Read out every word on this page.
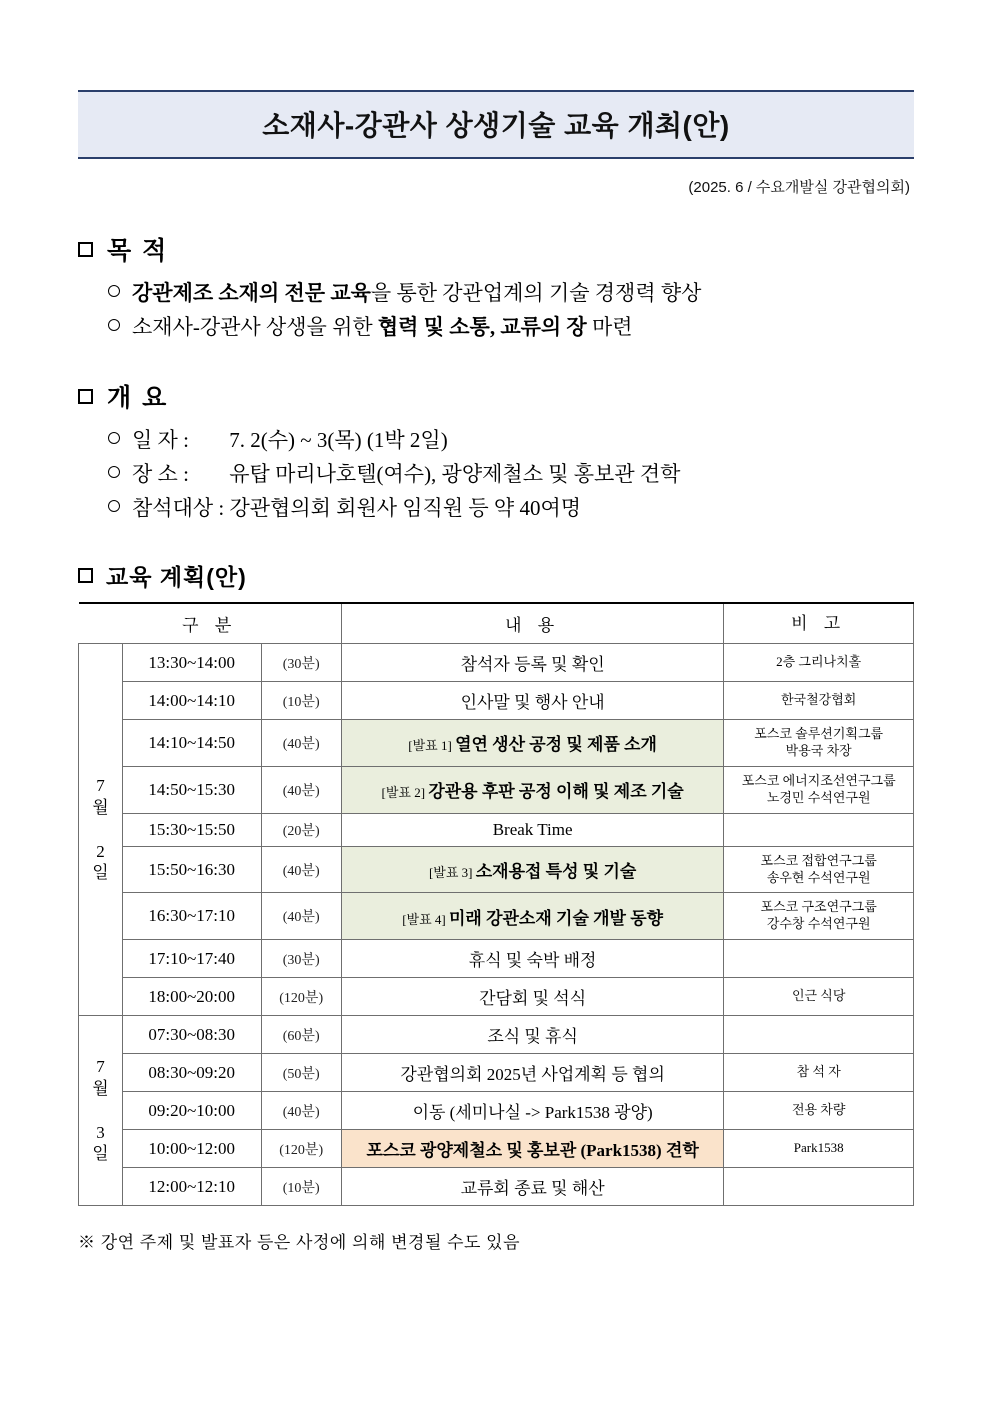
소재사-강관사 상생기술 교육 개최(안)
(2025. 6 / 수요개발실 강관협의회)
목 적
강관제조 소재의 전문 교육을 통한 강관업계의 기술 경쟁력 향상
소재사-강관사 상생을 위한 협력 및 소통, 교류의 장 마련
개 요
일 자 : 7. 2(수) ~ 3(목) (1박 2일)
장 소 : 유탑 마리나호텔(여수), 광양제철소 및 홍보관 견학
참석대상 : 강관협의회 회원사 임직원 등 약 40여명
교육 계획(안)
구 분			내 용	비 고
7
월

2
일	13:30~14:00	(30분)	참석자 등록 및 확인	2층 그리나치홀
	14:00~14:10	(10분)	인사말 및 행사 안내	한국철강협회
	14:10~14:50	(40분)	[발표 1] 열연 생산 공정 및 제품 소개	포스코 솔루션기획그룹
박용국 차장
	14:50~15:30	(40분)	[발표 2] 강관용 후판 공정 이해 및 제조 기술	포스코 에너지조선연구그룹
노경민 수석연구원
	15:30~15:50	(20분)	Break Time	
	15:50~16:30	(40분)	[발표 3] 소재용접 특성 및 기술	포스코 접합연구그룹
송우현 수석연구원
	16:30~17:10	(40분)	[발표 4] 미래 강관소재 기술 개발 동향	포스코 구조연구그룹
강수창 수석연구원
	17:10~17:40	(30분)	휴식 및 숙박 배정	
	18:00~20:00	(120분)	간담회 및 석식	인근 식당
7
월

3
일	07:30~08:30	(60분)	조식 및 휴식	
	08:30~09:20	(50분)	강관협의회 2025년 사업계획 등 협의	참 석 자
	09:20~10:00	(40분)	이동 (세미나실 -> Park1538 광양)	전용 차량
	10:00~12:00	(120분)	포스코 광양제철소 및 홍보관 (Park1538) 견학	Park1538
	12:00~12:10	(10분)	교류회 종료 및 해산	
※ 강연 주제 및 발표자 등은 사정에 의해 변경될 수도 있음
